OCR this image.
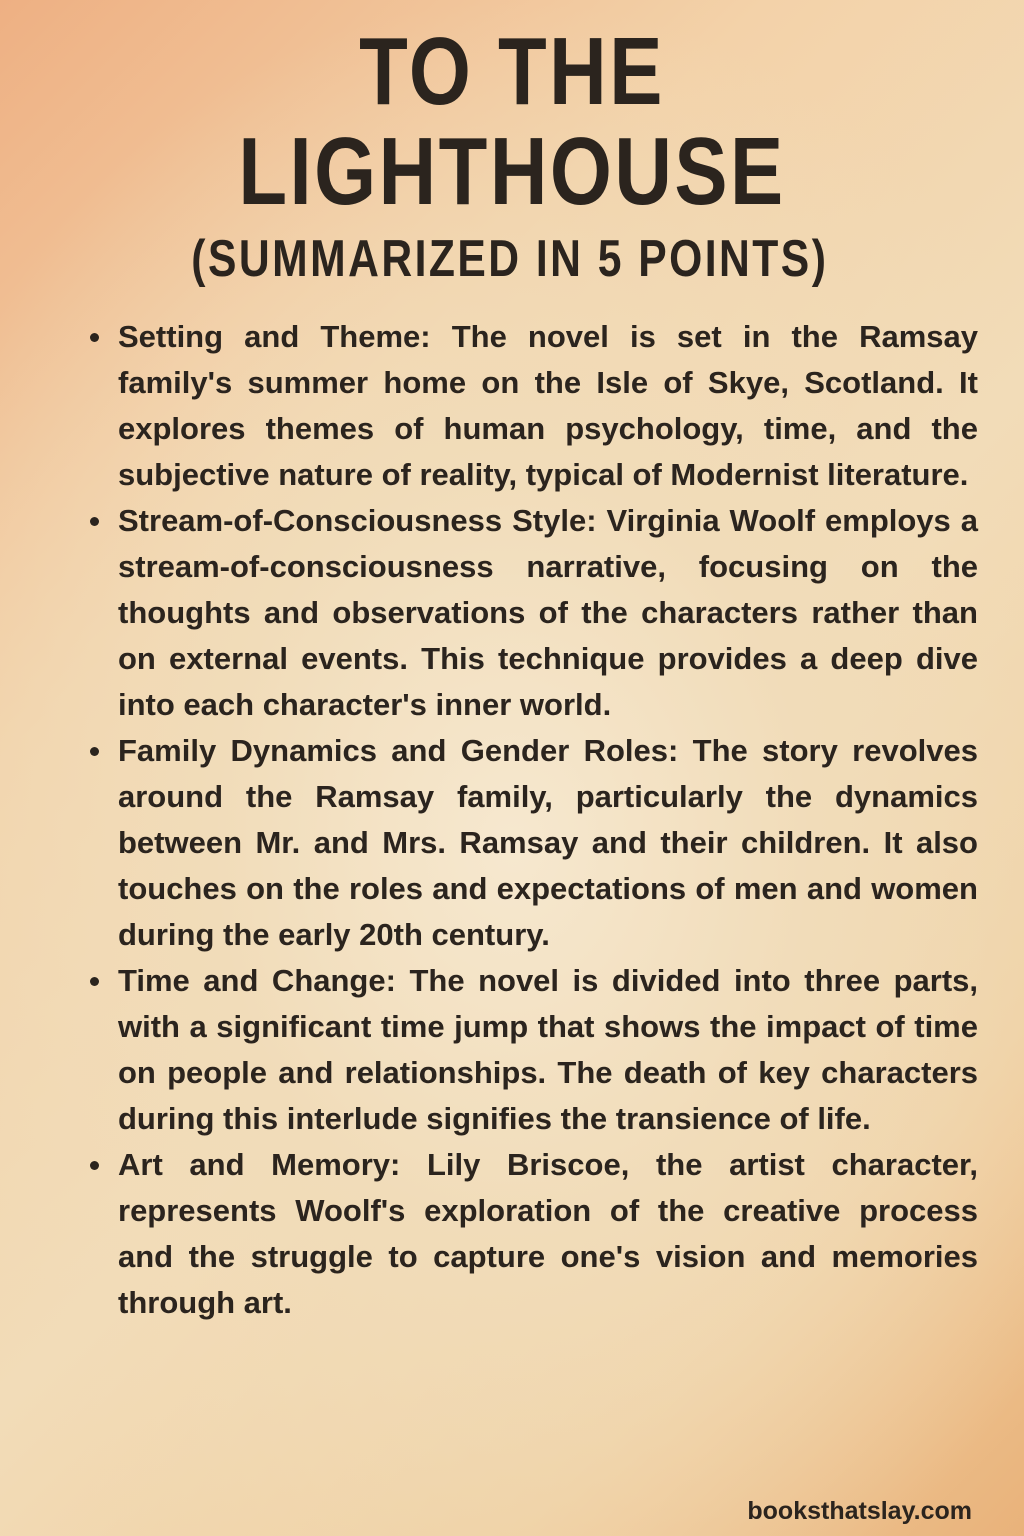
TO THE LIGHTHOUSE
(SUMMARIZED IN 5 POINTS)
Setting and Theme: The novel is set in the Ramsay family's summer home on the Isle of Skye, Scotland. It explores themes of human psychology, time, and the subjective nature of reality, typical of Modernist literature.
Stream-of-Consciousness Style: Virginia Woolf employs a stream-of-consciousness narrative, focusing on the thoughts and observations of the characters rather than on external events. This technique provides a deep dive into each character's inner world.
Family Dynamics and Gender Roles: The story revolves around the Ramsay family, particularly the dynamics between Mr. and Mrs. Ramsay and their children. It also touches on the roles and expectations of men and women during the early 20th century.
Time and Change: The novel is divided into three parts, with a significant time jump that shows the impact of time on people and relationships. The death of key characters during this interlude signifies the transience of life.
Art and Memory: Lily Briscoe, the artist character, represents Woolf's exploration of the creative process and the struggle to capture one's vision and memories through art.
booksthatslay.com
